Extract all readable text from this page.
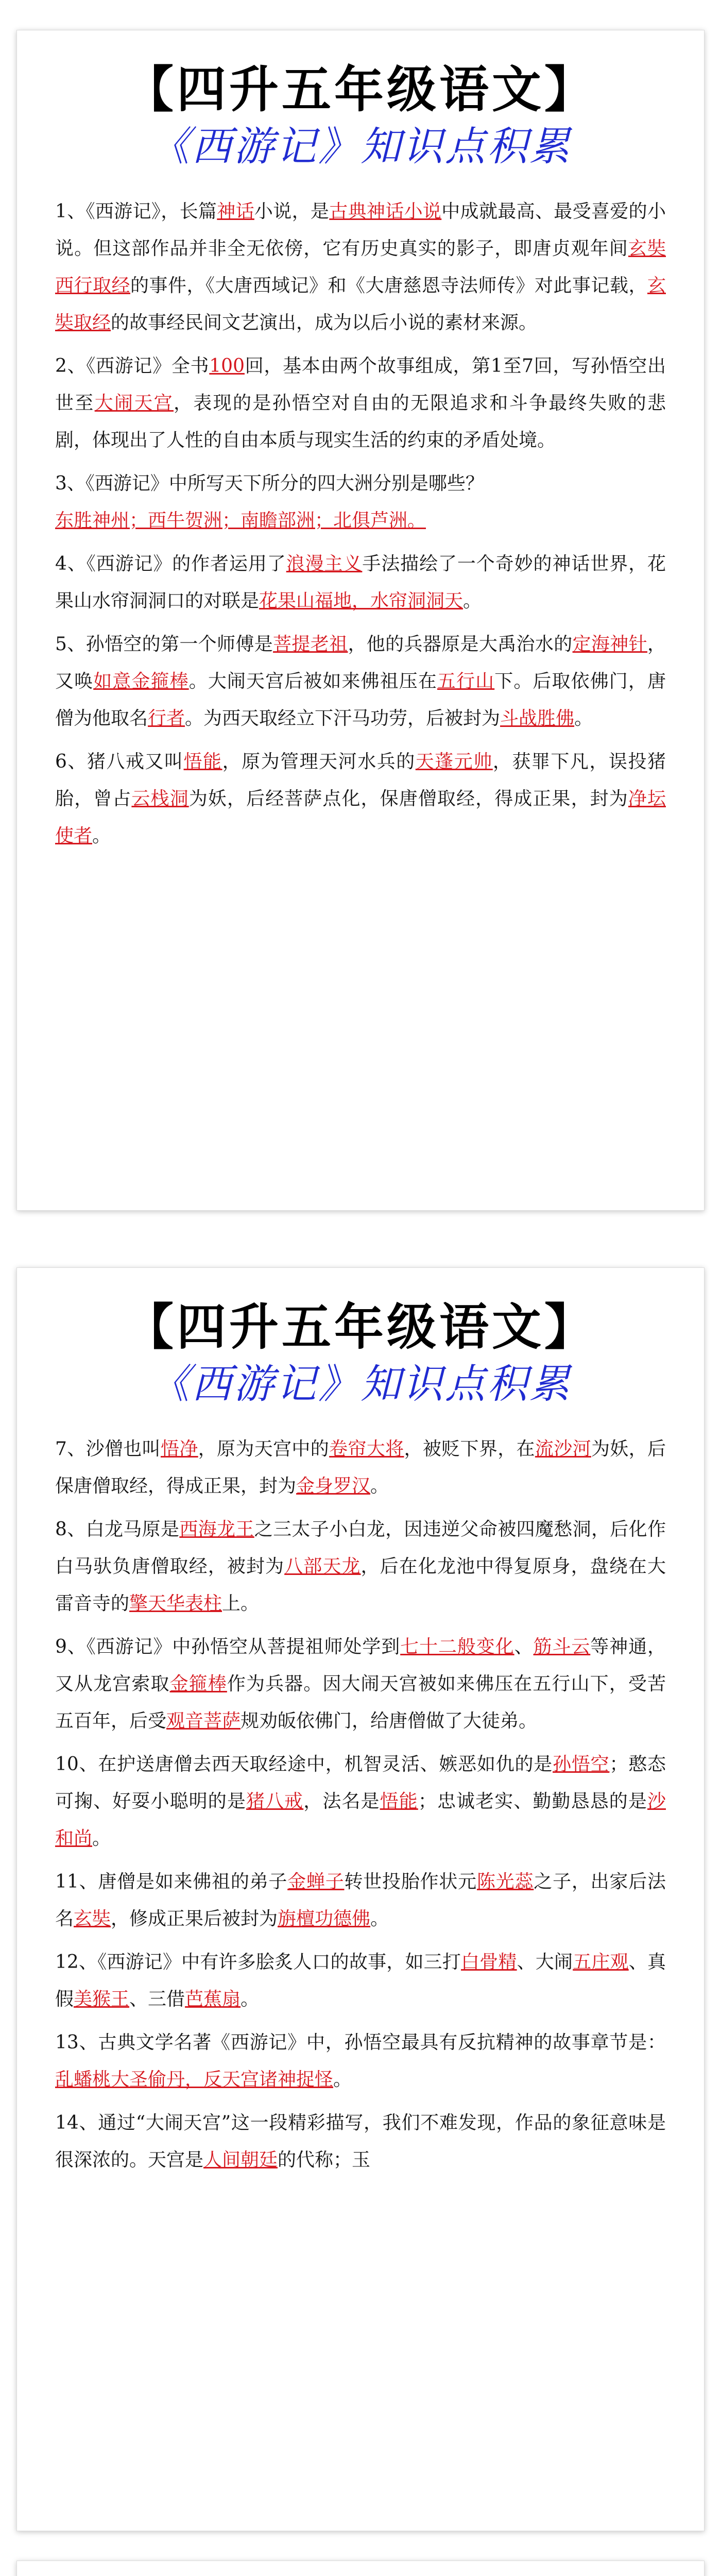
【四升五年级语文】
《西游记》知识点积累

1、《西游记》，长篇神话小说，是古典神话小说中成就最高、最受喜爱的小说。但这部作品并非全无依傍，它有历史真实的影子，即唐贞观年间玄奘西行取经的事件，《大唐西域记》和《大唐慈恩寺法师传》对此事记载，玄奘取经的故事经民间文艺演出，成为以后小说的素材来源。

2、《西游记》全书100回，基本由两个故事组成，第1至7回，写孙悟空出世至大闹天宫，表现的是孙悟空对自由的无限追求和斗争最终失败的悲剧，体现出了人性的自由本质与现实生活的约束的矛盾处境。

3、《西游记》中所写天下所分的四大洲分别是哪些？

东胜神州；西牛贺洲；南瞻部洲；北俱芦洲。

4、《西游记》的作者运用了浪漫主义手法描绘了一个奇妙的神话世界，花果山水帘洞洞口的对联是花果山福地，水帘洞洞天。

5、孙悟空的第一个师傅是菩提老祖，他的兵器原是大禹治水的定海神针，又唤如意金箍棒。大闹天宫后被如来佛祖压在五行山下。后取依佛门，唐僧为他取名行者。为西天取经立下汗马功劳，后被封为斗战胜佛。

6、猪八戒又叫悟能，原为管理天河水兵的天蓬元帅，获罪下凡，误投猪胎，曾占云栈洞为妖，后经菩萨点化，保唐僧取经，得成正果，封为净坛使者。

【四升五年级语文】
《西游记》知识点积累

7、沙僧也叫悟净，原为天宫中的卷帘大将，被贬下界，在流沙河为妖，后保唐僧取经，得成正果，封为金身罗汉。

8、白龙马原是西海龙王之三太子小白龙，因违逆父命被四魔愁洞，后化作白马驮负唐僧取经，被封为八部天龙，后在化龙池中得复原身，盘绕在大雷音寺的擎天华表柱上。

9、《西游记》中孙悟空从菩提祖师处学到七十二般变化、筋斗云等神通，又从龙宫索取金箍棒作为兵器。因大闹天宫被如来佛压在五行山下，受苦五百年，后受观音菩萨规劝皈依佛门，给唐僧做了大徒弟。

10、在护送唐僧去西天取经途中，机智灵活、嫉恶如仇的是孙悟空；憨态可掬、好耍小聪明的是猪八戒，法名是悟能；忠诚老实、勤勤恳恳的是沙和尚。

11、唐僧是如来佛祖的弟子金蝉子转世投胎作状元陈光蕊之子，出家后法名玄奘，修成正果后被封为旃檀功德佛。

12、《西游记》中有许多脍炙人口的故事，如三打白骨精、大闹五庄观、真假美猴王、三借芭蕉扇。

13、古典文学名著《西游记》中，孙悟空最具有反抗精神的故事章节是：乱蟠桃大圣偷丹，反天宫诸神捉怪。

14、通过“大闹天宫”这一段精彩描写，我们不难发现，作品的象征意味是很深浓的。天宫是人间朝廷的代称；玉
